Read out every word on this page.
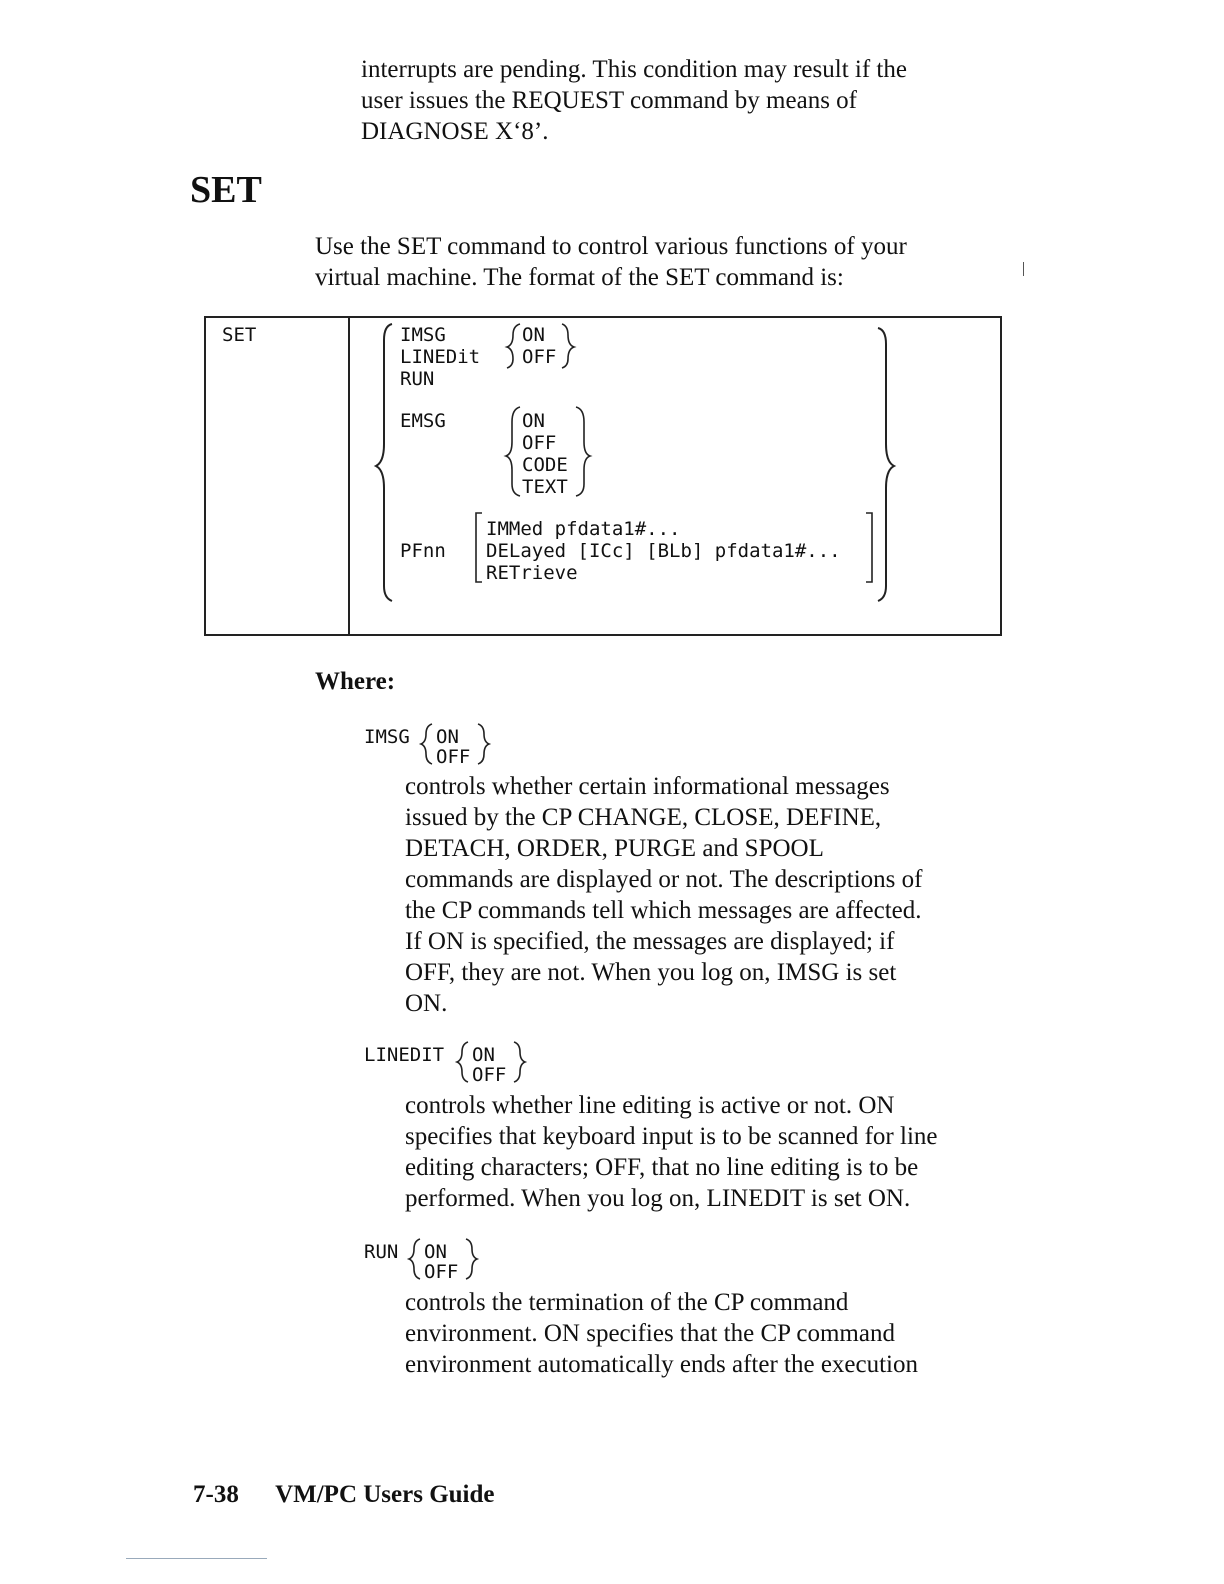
interrupts are pending. This condition may result if the
user issues the REQUEST command by means of
DIAGNOSE X‘8’.
SET
Use the SET command to control various functions of your
virtual machine. The format of the SET command is:
SET	IMSG
LINEDit
RUN
ON
OFF
EMSG	ON
OFF
CODE
TEXT
PFnn
IMMed pfdata1#...
DELayed [ICc] [BLb] pfdata1#...
RETrieve
Where:
IMSG ON
OFF
controls whether certain informational messages
issued by the CP CHANGE, CLOSE, DEFINE,
DETACH, ORDER, PURGE and SPOOL
commands are displayed or not. The descriptions of
the CP commands tell which messages are affected.
If ON is specified, the messages are displayed; if
OFF, they are not. When you log on, IMSG is set
ON.
LINEDIT ON
OFF
controls whether line editing is active or not. ON
specifies that keyboard input is to be scanned for line
editing characters; OFF, that no line editing is to be
performed. When you log on, LINEDIT is set ON.
RUN ON
OFF
controls the termination of the CP command
environment. ON specifies that the CP command
environment automatically ends after the execution
7-38 VM/PC Users Guide
